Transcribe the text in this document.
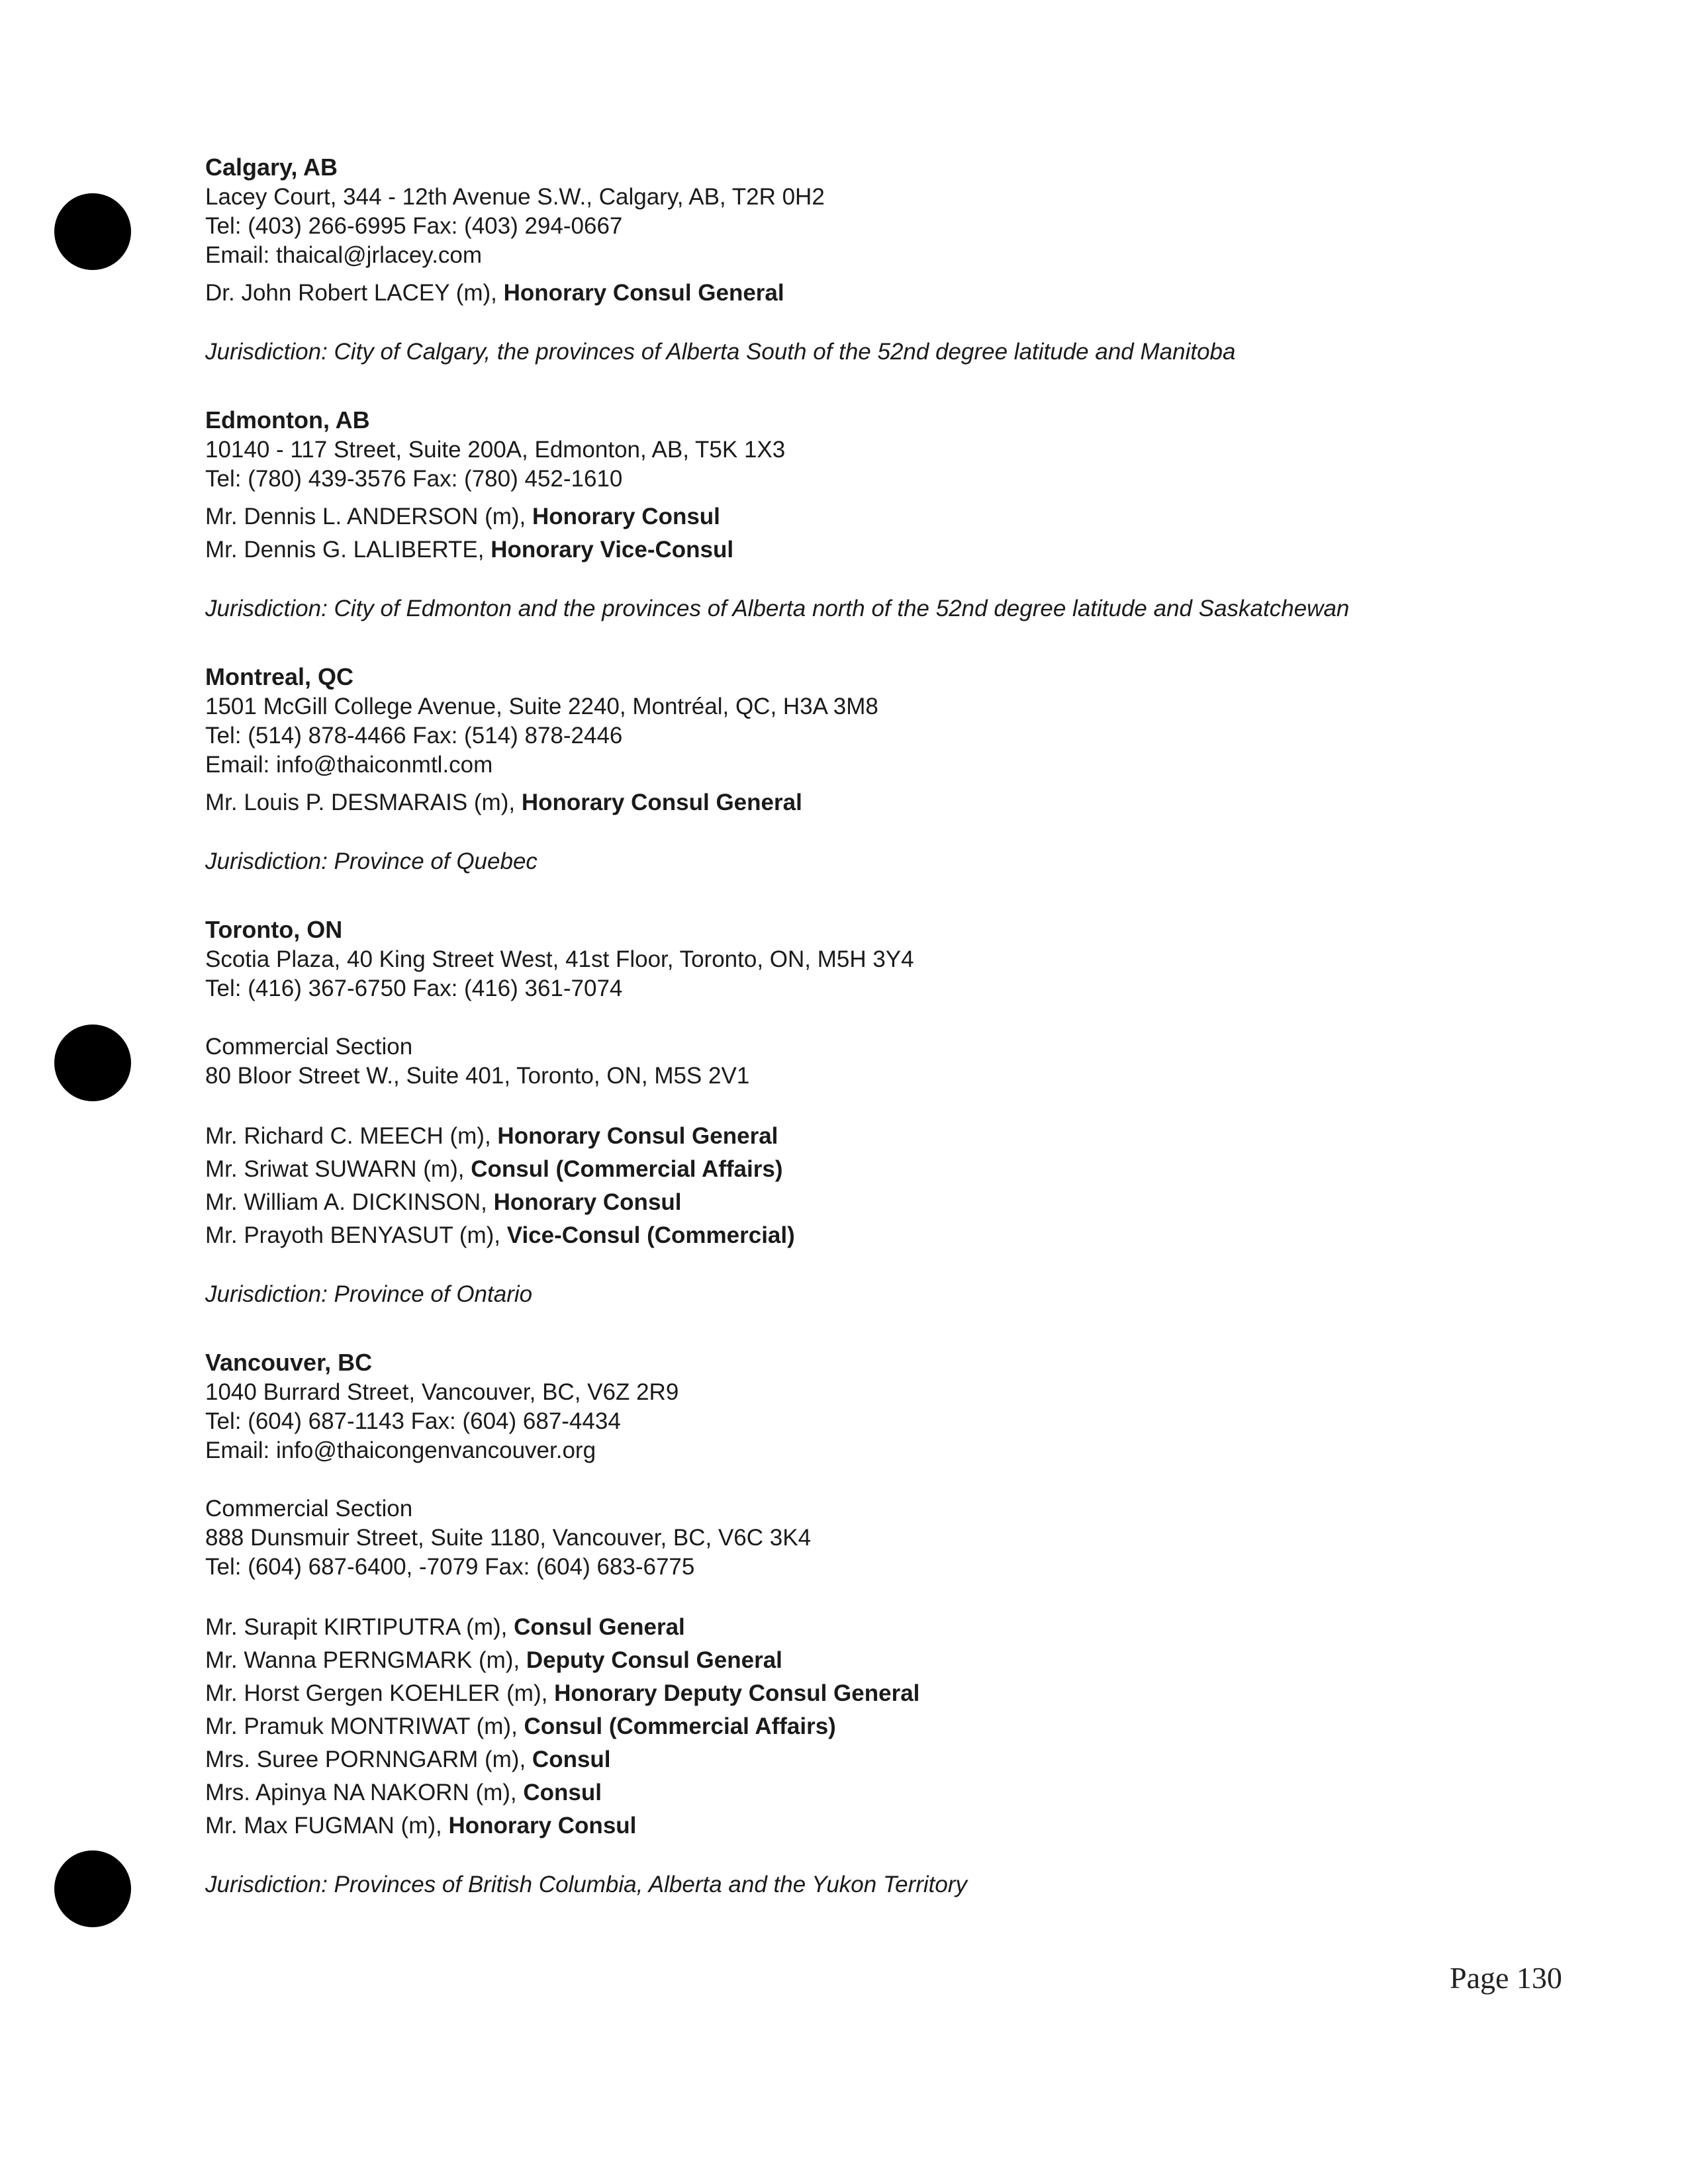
Calgary, AB
Lacey Court, 344 - 12th Avenue S.W., Calgary, AB, T2R 0H2
Tel: (403) 266-6995 Fax: (403) 294-0667
Email: thaical@jrlacey.com
Dr. John Robert LACEY (m), Honorary Consul General
Jurisdiction: City of Calgary, the provinces of Alberta South of the 52nd degree latitude and Manitoba
Edmonton, AB
10140 - 117 Street, Suite 200A, Edmonton, AB, T5K 1X3
Tel: (780) 439-3576 Fax: (780) 452-1610
Mr. Dennis L. ANDERSON (m), Honorary Consul
Mr. Dennis G. LALIBERTE, Honorary Vice-Consul
Jurisdiction: City of Edmonton and the provinces of Alberta north of the 52nd degree latitude and Saskatchewan
Montreal, QC
1501 McGill College Avenue, Suite 2240, Montréal, QC, H3A 3M8
Tel: (514) 878-4466 Fax: (514) 878-2446
Email: info@thaiconmtl.com
Mr. Louis P. DESMARAIS (m), Honorary Consul General
Jurisdiction: Province of Quebec
Toronto, ON
Scotia Plaza, 40 King Street West, 41st Floor, Toronto, ON, M5H 3Y4
Tel: (416) 367-6750 Fax: (416) 361-7074
Commercial Section
80 Bloor Street W., Suite 401, Toronto, ON, M5S 2V1
Mr. Richard C. MEECH (m), Honorary Consul General
Mr. Sriwat SUWARN (m), Consul (Commercial Affairs)
Mr. William A. DICKINSON, Honorary Consul
Mr. Prayoth BENYASUT (m), Vice-Consul (Commercial)
Jurisdiction: Province of Ontario
Vancouver, BC
1040 Burrard Street, Vancouver, BC, V6Z 2R9
Tel: (604) 687-1143 Fax: (604) 687-4434
Email: info@thaicongenvancouver.org
Commercial Section
888 Dunsmuir Street, Suite 1180, Vancouver, BC, V6C 3K4
Tel: (604) 687-6400, -7079 Fax: (604) 683-6775
Mr. Surapit KIRTIPUTRA (m), Consul General
Mr. Wanna PERNGMARK (m), Deputy Consul General
Mr. Horst Gergen KOEHLER (m), Honorary Deputy Consul General
Mr. Pramuk MONTRIWAT (m), Consul (Commercial Affairs)
Mrs. Suree PORNNGARM (m), Consul
Mrs. Apinya NA NAKORN (m), Consul
Mr. Max FUGMAN (m), Honorary Consul
Jurisdiction: Provinces of British Columbia, Alberta and the Yukon Territory
Page 130
